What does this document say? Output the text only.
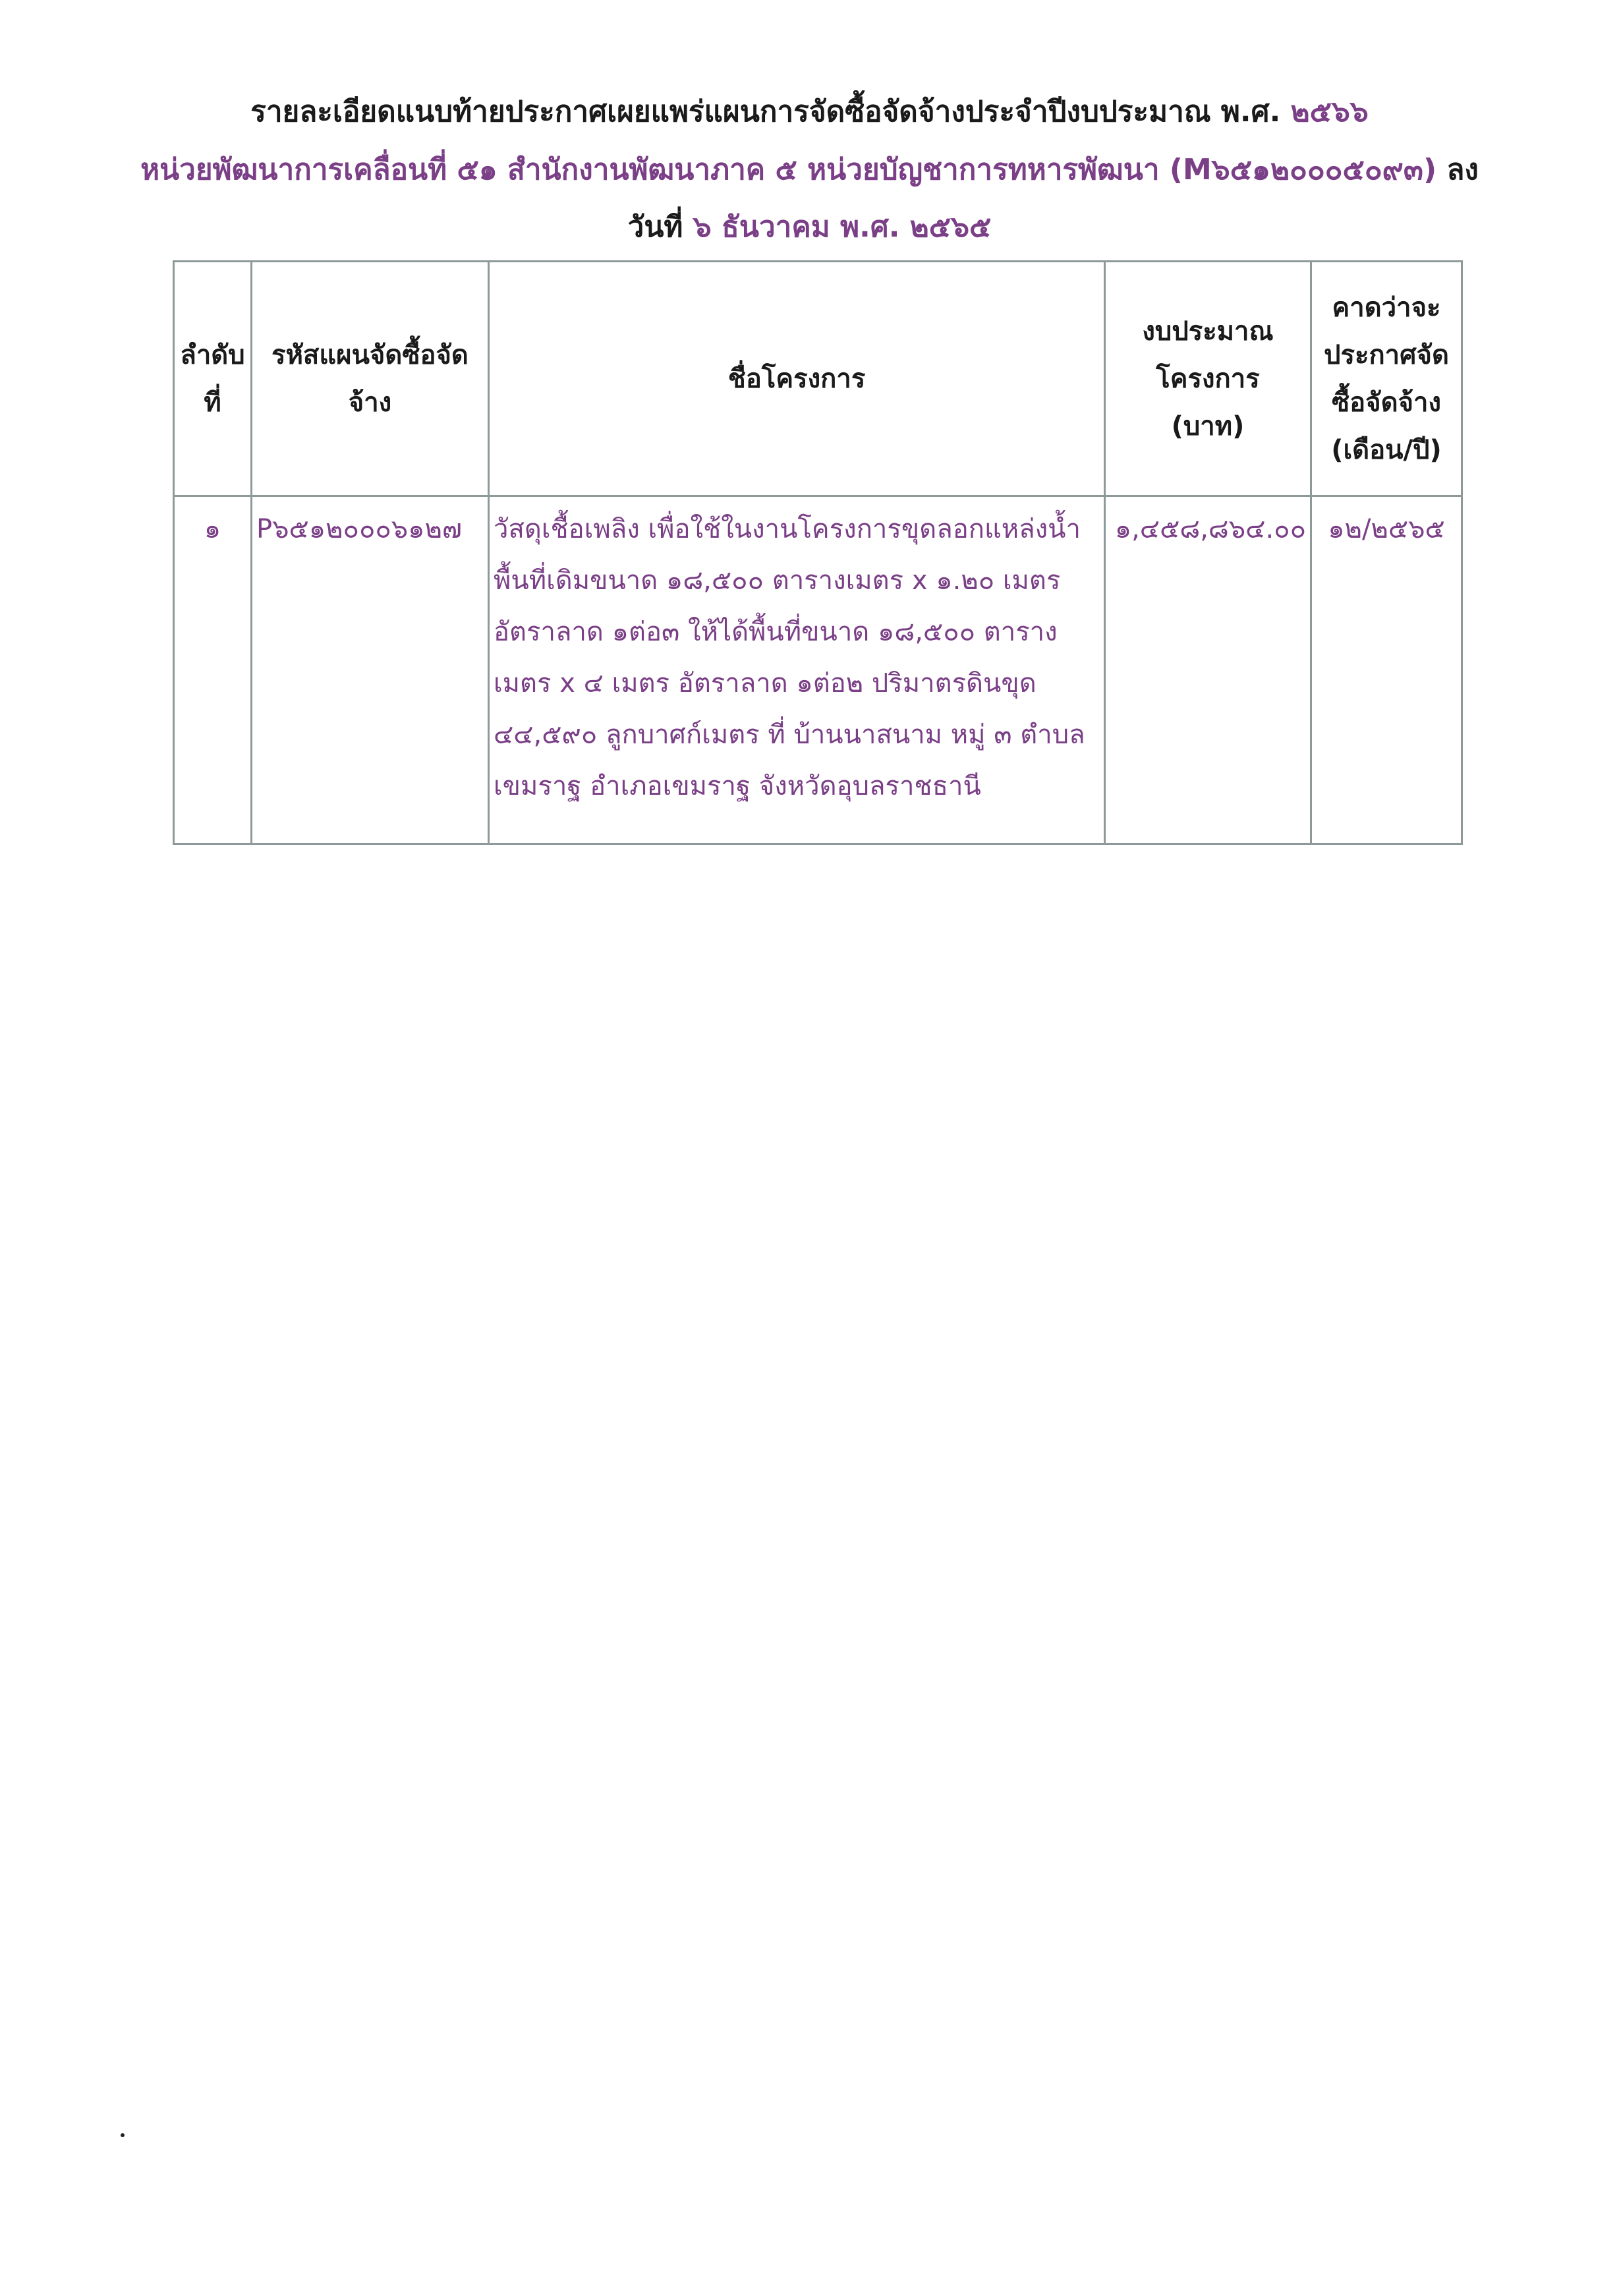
รายละเอียดแนบท้ายประกาศเผยแพร่แผนการจัดซื้อจัดจ้างประจำปีงบประมาณ พ.ศ. ๒๕๖๖
หน่วยพัฒนาการเคลื่อนที่ ๕๑ สำนักงานพัฒนาภาค ๕ หน่วยบัญชาการทหารพัฒนา (M๖๕๑๒๐๐๐๕๐๙๓) ลง
วันที่ ๖ ธันวาคม พ.ศ. ๒๕๖๕
ลำดับที่	รหัสแผนจัดซื้อจัดจ้าง	ชื่อโครงการ	งบประมาณโครงการ (บาท)	คาดว่าจะประกาศจัดซื้อจัดจ้าง (เดือน/ปี)

๑	P๖๕๑๒๐๐๐๖๑๒๗	วัสดุเชื้อเพลิง เพื่อใช้ในงานโครงการขุดลอกแหล่งน้ำพื้นที่เดิมขนาด ๑๘,๕๐๐ ตารางเมตร x ๑.๒๐ เมตร อัตราลาด ๑ต่อ๓ ให้ได้พื้นที่ขนาด ๑๘,๕๐๐ ตารางเมตร x ๔ เมตร อัตราลาด ๑ต่อ๒ ปริมาตรดินขุด ๔๔,๕๙๐ ลูกบาศก์เมตร ที่ บ้านนาสนาม หมู่ ๓ ตำบลเขมราฐ อำเภอเขมราฐ จังหวัดอุบลราชธานี	๑,๔๕๘,๘๖๔.๐๐	๑๒/๒๕๖๕
